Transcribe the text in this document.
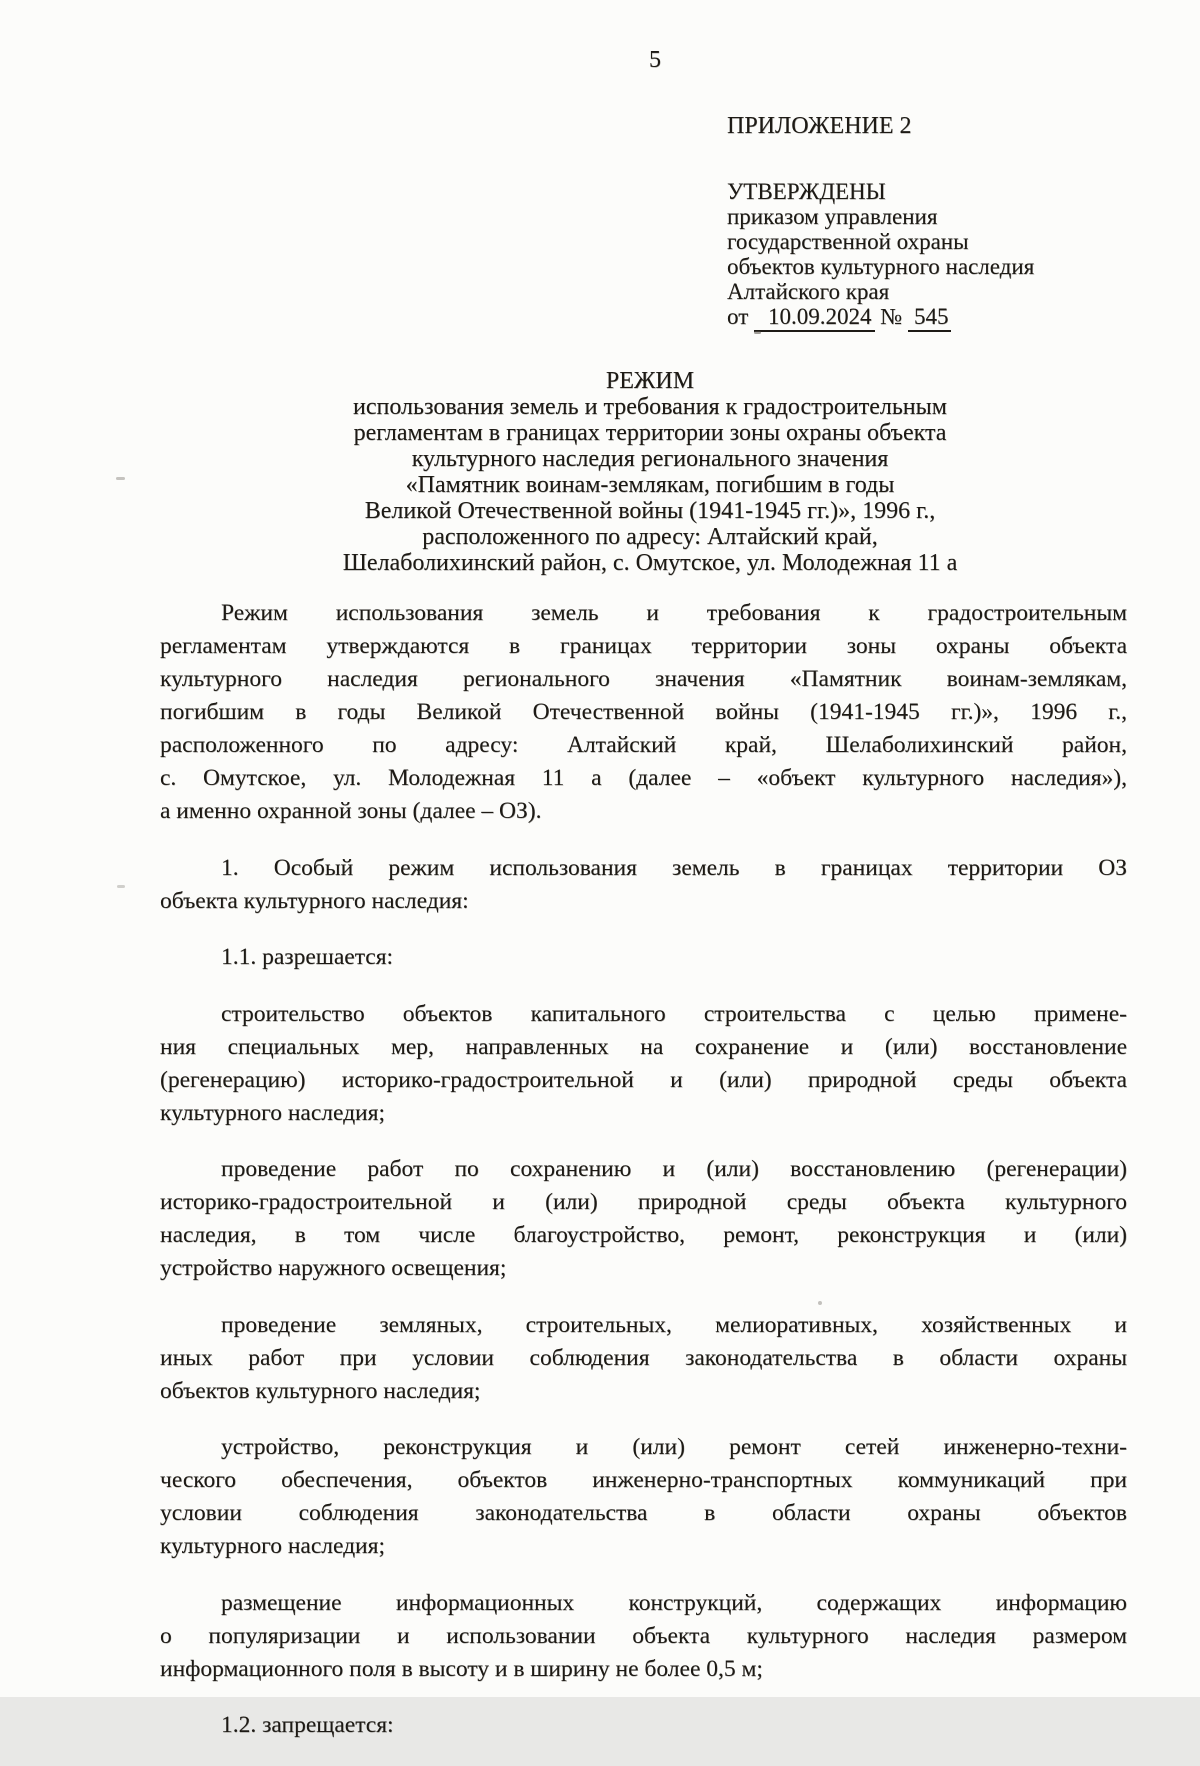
5
ПРИЛОЖЕНИЕ 2
УТВЕРЖДЕНЫ
приказом управления
государственной охраны
объектов культурного наследия
Алтайского края
от 10.09.2024 № 545
РЕЖИМ
использования земель и требования к градостроительным
регламентам в границах территории зоны охраны объекта
культурного наследия регионального значения
«Памятник воинам-землякам, погибшим в годы
Великой Отечественной войны (1941-1945 гг.)», 1996 г.,
расположенного по адресу: Алтайский край,
Шелаболихинский район, с. Омутское, ул. Молодежная 11 а

Режим использования земель и требования к градостроительным
регламентам утверждаются в границах территории зоны охраны объекта
культурного наследия регионального значения «Памятник воинам-землякам,
погибшим в годы Великой Отечественной войны (1941-1945 гг.)», 1996 г.,
расположенного по адресу: Алтайский край, Шелаболихинский район,
с. Омутское, ул. Молодежная 11 а (далее – «объект культурного наследия»),
а именно охранной зоны (далее – ОЗ).

1. Особый режим использования земель в границах территории ОЗ
объекта культурного наследия:

1.1. разрешается:

строительство объектов капитального строительства с целью примене-
ния специальных мер, направленных на сохранение и (или) восстановление
(регенерацию) историко-градостроительной и (или) природной среды объекта
культурного наследия;

проведение работ по сохранению и (или) восстановлению (регенерации)
историко-градостроительной и (или) природной среды объекта культурного
наследия, в том числе благоустройство, ремонт, реконструкция и (или)
устройство наружного освещения;

проведение земляных, строительных, мелиоративных, хозяйственных и
иных работ при условии соблюдения законодательства в области охраны
объектов культурного наследия;

устройство, реконструкция и (или) ремонт сетей инженерно-техни-
ческого обеспечения, объектов инженерно-транспортных коммуникаций при
условии соблюдения законодательства в области охраны объектов
культурного наследия;

размещение информационных конструкций, содержащих информацию
о популяризации и использовании объекта культурного наследия размером
информационного поля в высоту и в ширину не более 0,5 м;

1.2. запрещается:
